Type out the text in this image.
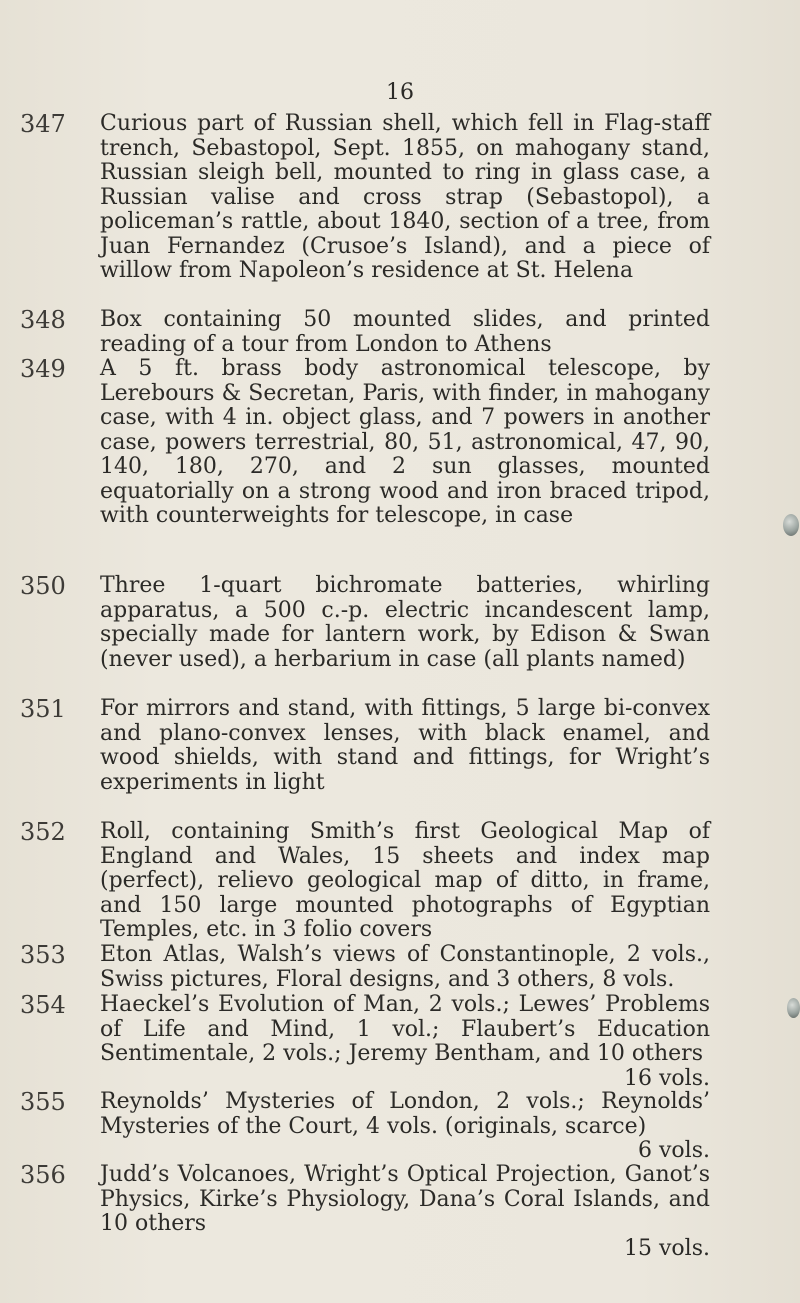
16
347	Curious part of Russian shell, which fell in Flag-staff trench, Sebastopol, Sept. 1855, on mahogany stand, Russian sleigh bell, mounted to ring in glass case, a Russian valise and cross strap (Sebastopol), a policeman’s rattle, about 1840, section of a tree, from Juan Fernandez (Crusoe’s Island), and a piece of willow from Napoleon’s residence at St. Helena
348	Box containing 50 mounted slides, and printed reading of a tour from London to Athens
349	A 5 ft. brass body astronomical telescope, by Lerebours & Secretan, Paris, with finder, in mahogany case, with 4 in. object glass, and 7 powers in another case, powers terrestrial, 80, 51, astronomical, 47, 90, 140, 180, 270, and 2 sun glasses, mounted equatorially on a strong wood and iron braced tripod, with counterweights for telescope, in case
350	Three 1-quart bichromate batteries, whirling apparatus, a 500 c.-p. electric incandescent lamp, specially made for lantern work, by Edison & Swan (never used), a herbarium in case (all plants named)
351	For mirrors and stand, with fittings, 5 large bi-convex and plano-convex lenses, with black enamel, and wood shields, with stand and fittings, for Wright’s experiments in light
352	Roll, containing Smith’s first Geological Map of England and Wales, 15 sheets and index map (perfect), relievo geological map of ditto, in frame, and 150 large mounted photographs of Egyptian Temples, etc. in 3 folio covers
353	Eton Atlas, Walsh’s views of Constantinople, 2 vols., Swiss pictures, Floral designs, and 3 others, 8 vols.
354	Haeckel’s Evolution of Man, 2 vols.; Lewes’ Problems of Life and Mind, 1 vol.; Flaubert’s Education Sentimentale, 2 vols.; Jeremy Bentham, and 10 others
16 vols.
355	Reynolds’ Mysteries of London, 2 vols.; Reynolds’ Mysteries of the Court, 4 vols. (originals, scarce)
6 vols.
356	Judd’s Volcanoes, Wright’s Optical Projection, Ganot’s Physics, Kirke’s Physiology, Dana’s Coral Islands, and 10 others
15 vols.
